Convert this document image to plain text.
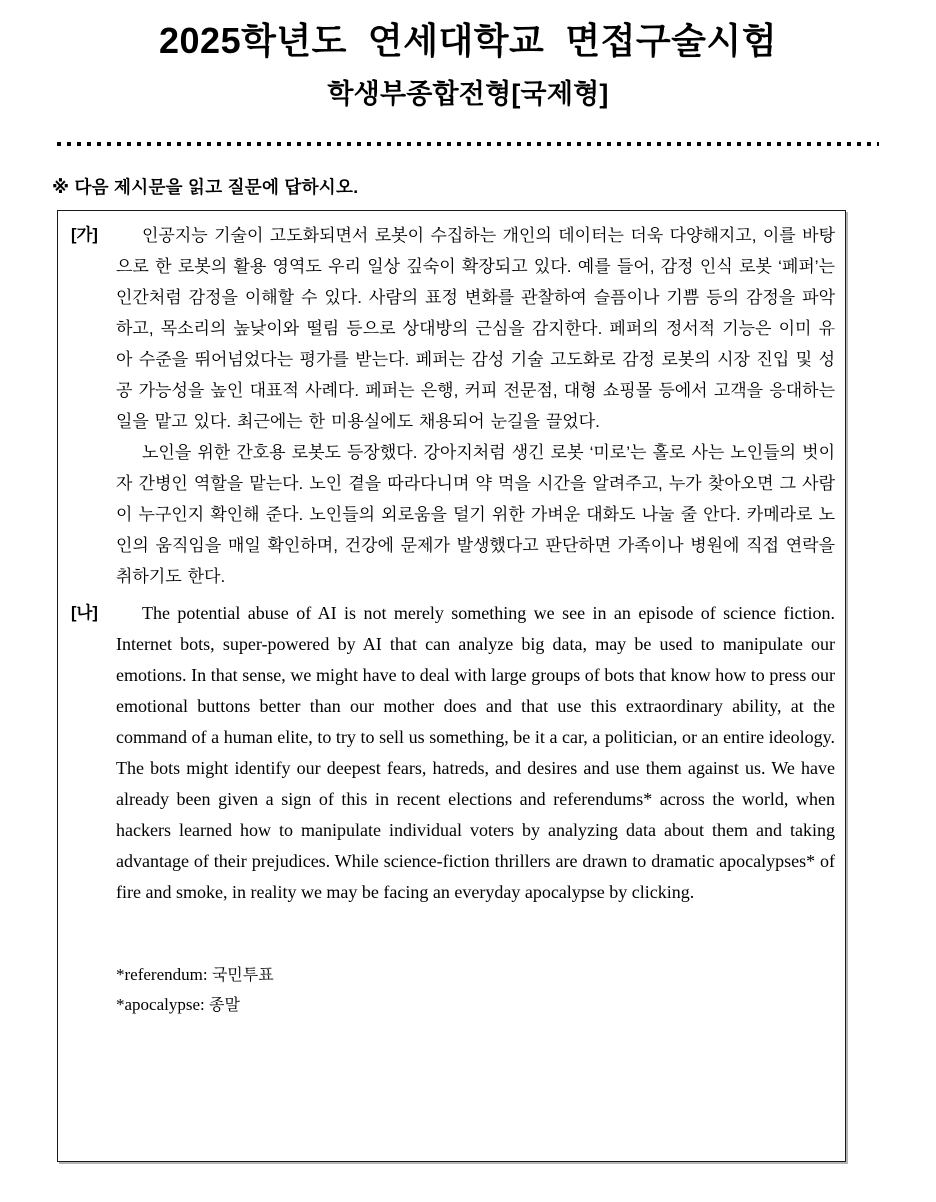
2025학년도  연세대학교  면접구술시험
학생부종합전형[국제형]
※ 다음 제시문을 읽고 질문에 답하시오.
[가]	인공지능 기술이 고도화되면서 로봇이 수집하는 개인의 데이터는 더욱 다양해지고, 이를 바탕으로 한 로봇의 활용 영역도 우리 일상 깊숙이 확장되고 있다. 예를 들어, 감정 인식 로봇 ‘페퍼’는 인간처럼 감정을 이해할 수 있다. 사람의 표정 변화를 관찰하여 슬픔이나 기쁨 등의 감정을 파악하고, 목소리의 높낮이와 떨림 등으로 상대방의 근심을 감지한다. 페퍼의 정서적 기능은 이미 유아 수준을 뛰어넘었다는 평가를 받는다. 페퍼는 감성 기술 고도화로 감정 로봇의 시장 진입 및 성공 가능성을 높인 대표적 사례다. 페퍼는 은행, 커피 전문점, 대형 쇼핑몰 등에서 고객을 응대하는 일을 맡고 있다. 최근에는 한 미용실에도 채용되어 눈길을 끌었다.

노인을 위한 간호용 로봇도 등장했다. 강아지처럼 생긴 로봇 ‘미로’는 홀로 사는 노인들의 벗이자 간병인 역할을 맡는다. 노인 곁을 따라다니며 약 먹을 시간을 알려주고, 누가 찾아오면 그 사람이 누구인지 확인해 준다. 노인들의 외로움을 덜기 위한 가벼운 대화도 나눌 줄 안다. 카메라로 노인의 움직임을 매일 확인하며, 건강에 문제가 발생했다고 판단하면 가족이나 병원에 직접 연락을 취하기도 한다.

[나]	The potential abuse of AI is not merely something we see in an episode of science fiction. Internet bots, super-powered by AI that can analyze big data, may be used to manipulate our emotions. In that sense, we might have to deal with large groups of bots that know how to press our emotional buttons better than our mother does and that use this extraordinary ability, at the command of a human elite, to try to sell us something, be it a car, a politician, or an entire ideology. The bots might identify our deepest fears, hatreds, and desires and use them against us. We have already been given a sign of this in recent elections and referendums* across the world, when hackers learned how to manipulate individual voters by analyzing data about them and taking advantage of their prejudices. While science-fiction thrillers are drawn to dramatic apocalypses* of fire and smoke, in reality we may be facing an everyday apocalypse by clicking.

*referendum: 국민투표

*apocalypse: 종말
